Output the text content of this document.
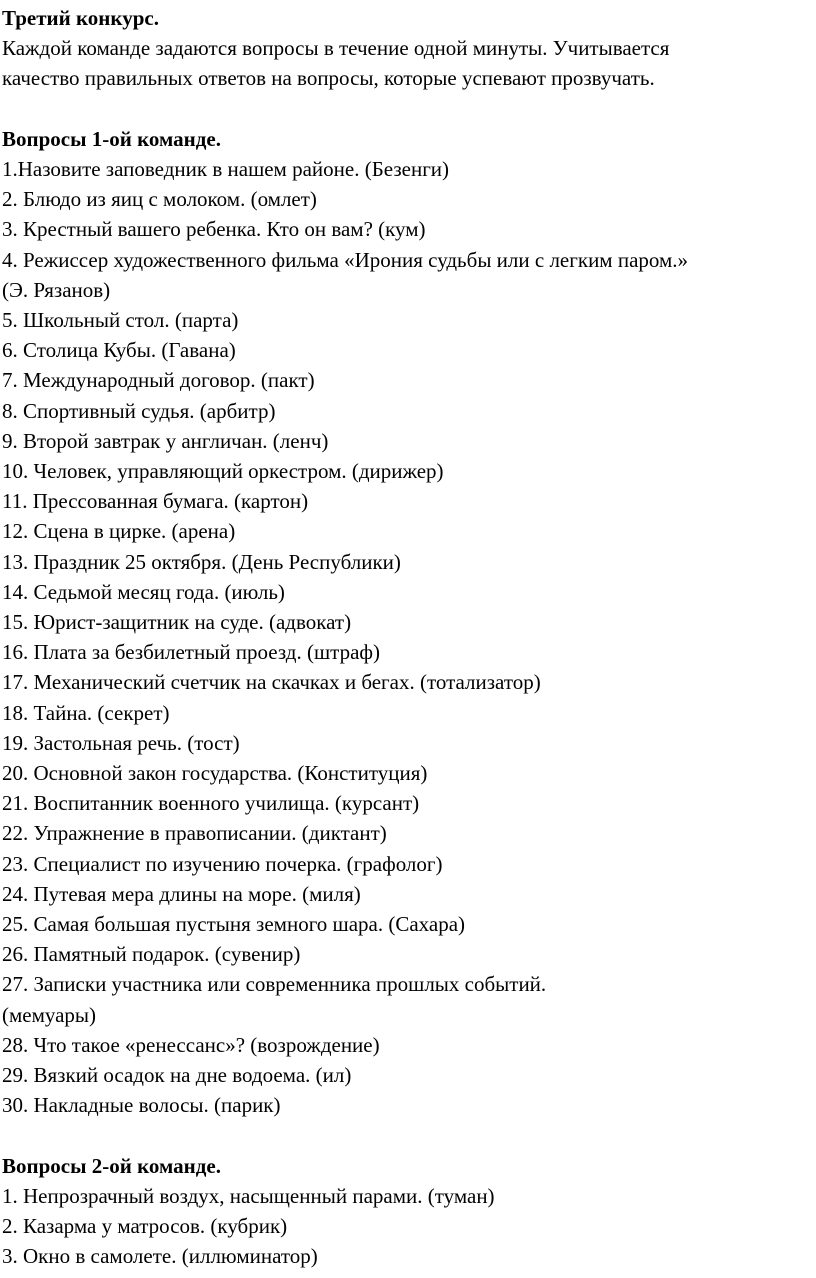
Третий конкурс.
Каждой команде задаются вопросы в течение одной минуты. Учитывается
качество правильных ответов на вопросы, которые успевают прозвучать.
Вопросы 1-ой команде.
1.Назовите заповедник в нашем районе. (Безенги)
2. Блюдо из яиц с молоком. (омлет)
3. Крестный вашего ребенка. Кто он вам? (кум)
4. Режиссер художественного фильма «Ирония судьбы или с легким паром.»
(Э. Рязанов)
5. Школьный стол. (парта)
6. Столица Кубы. (Гавана)
7. Международный договор. (пакт)
8. Спортивный судья. (арбитр)
9. Второй завтрак у англичан. (ленч)
10. Человек, управляющий оркестром. (дирижер)
11. Прессованная бумага. (картон)
12. Сцена в цирке. (арена)
13. Праздник 25 октября. (День Республики)
14. Седьмой месяц года. (июль)
15. Юрист-защитник на суде. (адвокат)
16. Плата за безбилетный проезд. (штраф)
17. Механический счетчик на скачках и бегах. (тотализатор)
18. Тайна. (секрет)
19. Застольная речь. (тост)
20. Основной закон государства. (Конституция)
21. Воспитанник военного училища. (курсант)
22. Упражнение в правописании. (диктант)
23. Специалист по изучению почерка. (графолог)
24. Путевая мера длины на море. (миля)
25. Самая большая пустыня земного шара. (Сахара)
26. Памятный подарок. (сувенир)
27. Записки участника или современника прошлых событий.
(мемуары)
28. Что такое «ренессанс»? (возрождение)
29. Вязкий осадок на дне водоема. (ил)
30. Накладные волосы. (парик)
Вопросы 2-ой команде.
1. Непрозрачный воздух, насыщенный парами. (туман)
2. Казарма у матросов. (кубрик)
3. Окно в самолете. (иллюминатор)
